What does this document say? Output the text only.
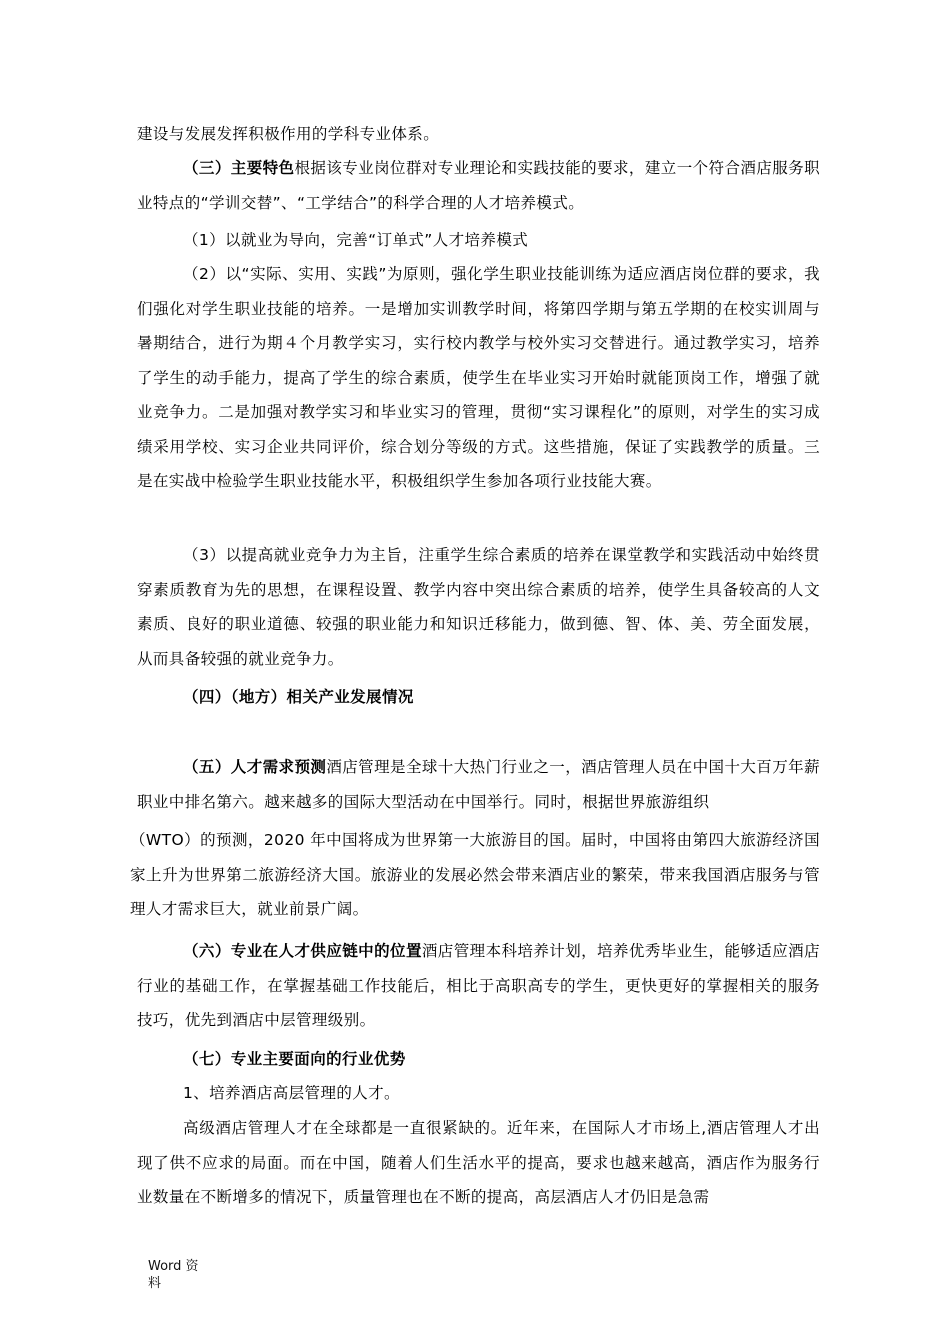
建设与发展发挥积极作用的学科专业体系。

（三）主要特色根据该专业岗位群对专业理论和实践技能的要求，建立一个符合酒店服务职业特点的“学训交替”、“工学结合”的科学合理的人才培养模式。

（1）以就业为导向，完善“订单式”人才培养模式

（2）以“实际、实用、实践”为原则，强化学生职业技能训练为适应酒店岗位群的要求，我们强化对学生职业技能的培养。一是增加实训教学时间，将第四学期与第五学期的在校实训周与暑期结合，进行为期４个月教学实习，实行校内教学与校外实习交替进行。通过教学实习，培养了学生的动手能力，提高了学生的综合素质，使学生在毕业实习开始时就能顶岗工作，增强了就业竞争力。二是加强对教学实习和毕业实习的管理，贯彻“实习课程化”的原则，对学生的实习成绩采用学校、实习企业共同评价，综合划分等级的方式。这些措施，保证了实践教学的质量。三是在实战中检验学生职业技能水平，积极组织学生参加各项行业技能大赛。

（3）以提高就业竞争力为主旨，注重学生综合素质的培养在课堂教学和实践活动中始终贯穿素质教育为先的思想，在课程设置、教学内容中突出综合素质的培养，使学生具备较高的人文素质、良好的职业道德、较强的职业能力和知识迁移能力，做到德、智、体、美、劳全面发展，从而具备较强的就业竞争力。

（四）（地方）相关产业发展情况

（五）人才需求预测酒店管理是全球十大热门行业之一，酒店管理人员在中国十大百万年薪职业中排名第六。越来越多的国际大型活动在中国举行。同时，根据世界旅游组织

（WTO）的预测，2020 年中国将成为世界第一大旅游目的国。届时，中国将由第四大旅游经济国家上升为世界第二旅游经济大国。旅游业的发展必然会带来酒店业的繁荣，带来我国酒店服务与管理人才需求巨大，就业前景广阔。

（六）专业在人才供应链中的位置酒店管理本科培养计划，培养优秀毕业生，能够适应酒店行业的基础工作，在掌握基础工作技能后，相比于高职高专的学生，更快更好的掌握相关的服务技巧，优先到酒店中层管理级别。

（七）专业主要面向的行业优势

1、培养酒店高层管理的人才。

高级酒店管理人才在全球都是一直很紧缺的。近年来，在国际人才市场上,酒店管理人才出现了供不应求的局面。而在中国，随着人们生活水平的提高，要求也越来越高，酒店作为服务行业数量在不断增多的情况下，质量管理也在不断的提高，高层酒店人才仍旧是急需

Word 资
料
